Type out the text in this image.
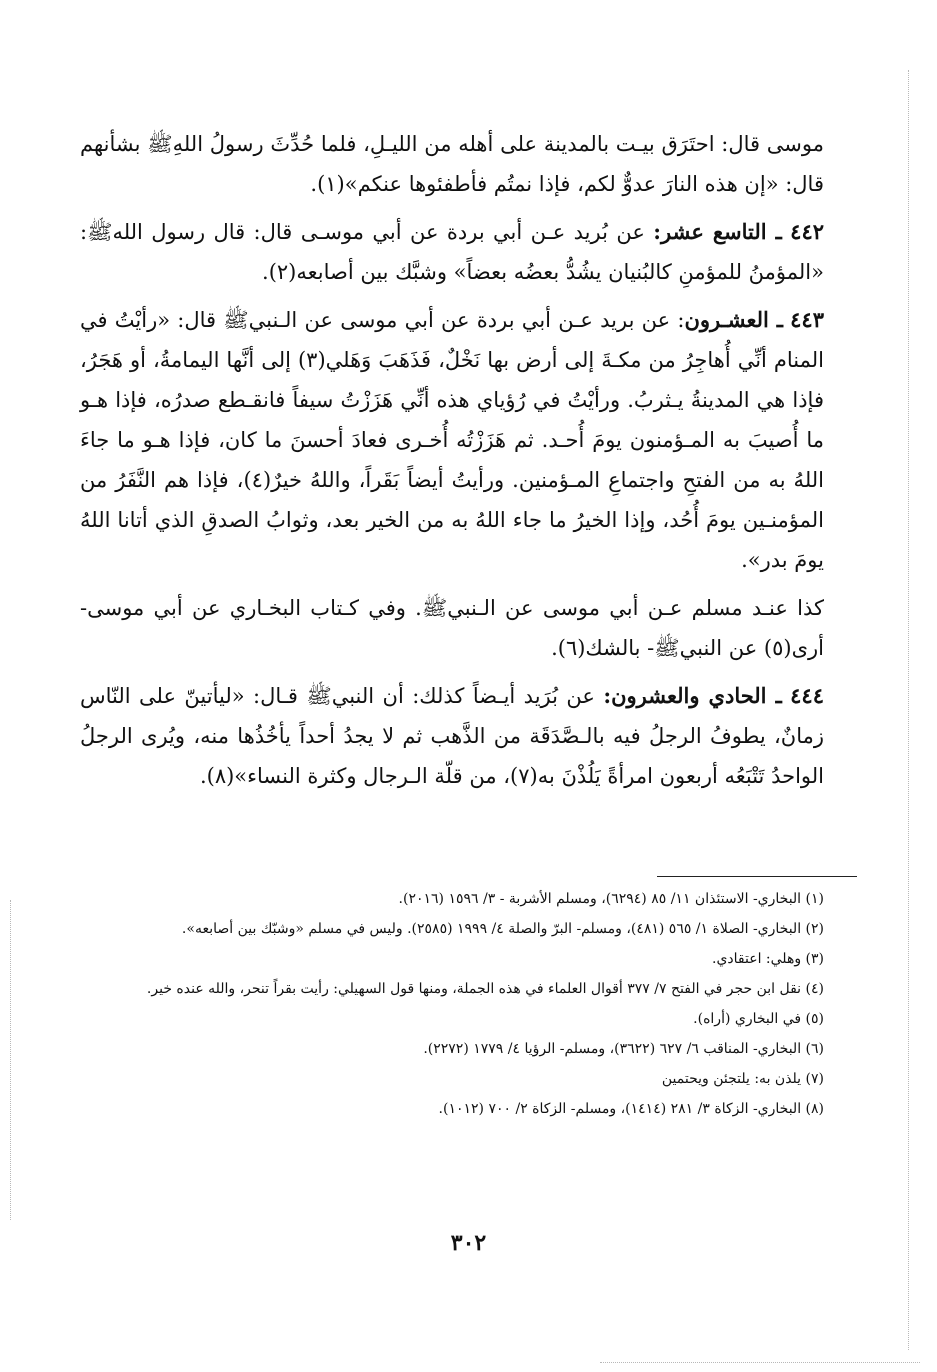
موسى قال: احتَرَق بيـت بالمدينة على أهله من الليـلِ، فلما حُدِّثَ رسولُ اللهِﷺ بشأنهم قال: «إن هذه النارَ عدوٌّ لكم، فإذا نمتُم فأطفئوها عنكم»(١).

٤٤٢ ـ التاسع عشر: عن بُريد عـن أبي بردة عن أبي موسـى قال: قال رسول اللهﷺ: «المؤمنُ للمؤمنِ كالبُنيان يشُدُّ بعضُه بعضاً» وشبَّك بين أصابعه(٢).

٤٤٣ ـ العشـرون: عن بريد عـن أبي بردة عن أبي موسى عن الـنبيﷺ قال: «رأيْتُ في المنام أنِّي أُهاجِرُ من مكـةَ إلى أرض بها نَخْلٌ، فَذَهَبَ وَهَلي(٣) إلى أنَّها اليمامةُ، أو هَجَرُ، فإذا هي المدينةُ يـثربُ. ورأيْتُ في رُؤياي هذه أنِّي هَزَزْتُ سيفاً فانقـطع صدرُه، فإذا هـو ما أُصيبَ به المـؤمنون يومَ أُحـد. ثم هَزَزْتُه أُخـرى فعادَ أحسنَ ما كان، فإذا هـو ما جاءَ اللهُ به من الفتحِ واجتماعِ المـؤمنين. ورأيتُ أيضاً بَقَراً، واللهُ خيرٌ(٤)، فإذا هم النَّفَرُ من المؤمنـين يومَ أُحُد، وإذا الخيرُ ما جاء اللهُ به من الخير بعد، وثوابُ الصدقِ الذي أتانا اللهُ يومَ بدر».

كذا عنـد مسلم عـن أبي موسى عن الـنبيﷺ. وفي كـتاب البخـاري عن أبي موسى- أرى(٥) عن النبيﷺ- بالشك(٦).

٤٤٤ ـ الحادي والعشرون: عن بُرَيد أيـضاً كذلك: أن النبيﷺ قـال: «ليأتينّ على النّاس زمانٌ، يطوفُ الرجلُ فيه بالـصَّدَقَة من الذَّهب ثم لا يجدُ أحداً يأخُذُها منه، ويُرى الرجلُ الواحدُ تَتْبَعُه أربعون امرأةً يَلُذْنَ به(٧)، من قلّة الـرجال وكثرة النساء»(٨).

(١) البخاري- الاستئذان ١١/ ٨٥ (٦٢٩٤)، ومسلم الأشربة - ٣/ ١٥٩٦ (٢٠١٦).

(٢) البخاري- الصلاة ١/ ٥٦٥ (٤٨١)، ومسلم- البرّ والصلة ٤/ ١٩٩٩ (٢٥٨٥). وليس في مسلم «وشبّك بين أصابعه».

(٣) وهلي: اعتقادي.

(٤) نقل ابن حجر في الفتح ٧/ ٣٧٧ أقوال العلماء في هذه الجملة، ومنها قول السهيلي: رأيت بقراً تنحر، والله عنده خير.

(٥) في البخاري (أراه).

(٦) البخاري- المناقب ٦/ ٦٢٧ (٣٦٢٢)، ومسلم- الرؤيا ٤/ ١٧٧٩ (٢٢٧٢).

(٧) يلذن به: يلتجئن ويحتمين

(٨) البخاري- الزكاة ٣/ ٢٨١ (١٤١٤)، ومسلم- الزكاة ٢/ ٧٠٠ (١٠١٢).

٣٠٢
